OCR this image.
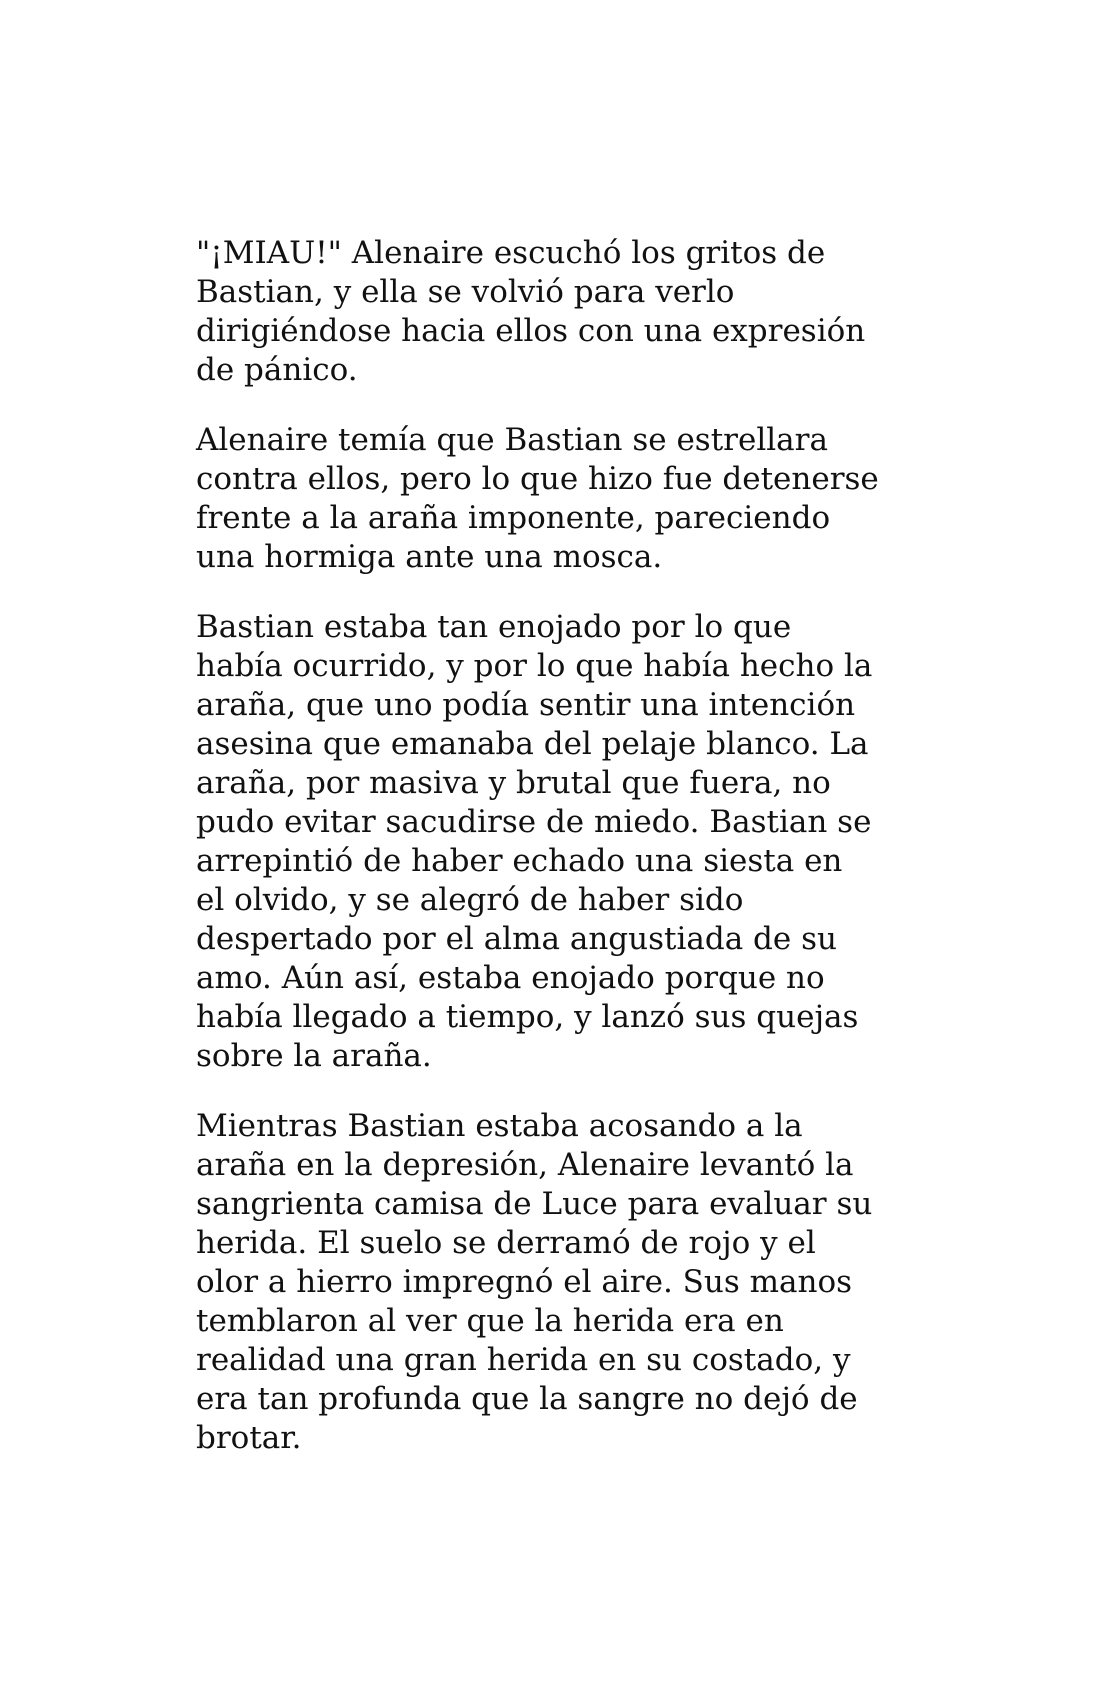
"¡MIAU!" Alenaire escuchó los gritos de
Bastian, y ella se volvió para verlo
dirigiéndose hacia ellos con una expresión
de pánico.

Alenaire temía que Bastian se estrellara
contra ellos, pero lo que hizo fue detenerse
frente a la araña imponente, pareciendo
una hormiga ante una mosca.

Bastian estaba tan enojado por lo que
había ocurrido, y por lo que había hecho la
araña, que uno podía sentir una intención
asesina que emanaba del pelaje blanco. La
araña, por masiva y brutal que fuera, no
pudo evitar sacudirse de miedo. Bastian se
arrepintió de haber echado una siesta en
el olvido, y se alegró de haber sido
despertado por el alma angustiada de su
amo. Aún así, estaba enojado porque no
había llegado a tiempo, y lanzó sus quejas
sobre la araña.

Mientras Bastian estaba acosando a la
araña en la depresión, Alenaire levantó la
sangrienta camisa de Luce para evaluar su
herida. El suelo se derramó de rojo y el
olor a hierro impregnó el aire. Sus manos
temblaron al ver que la herida era en
realidad una gran herida en su costado, y
era tan profunda que la sangre no dejó de
brotar.
